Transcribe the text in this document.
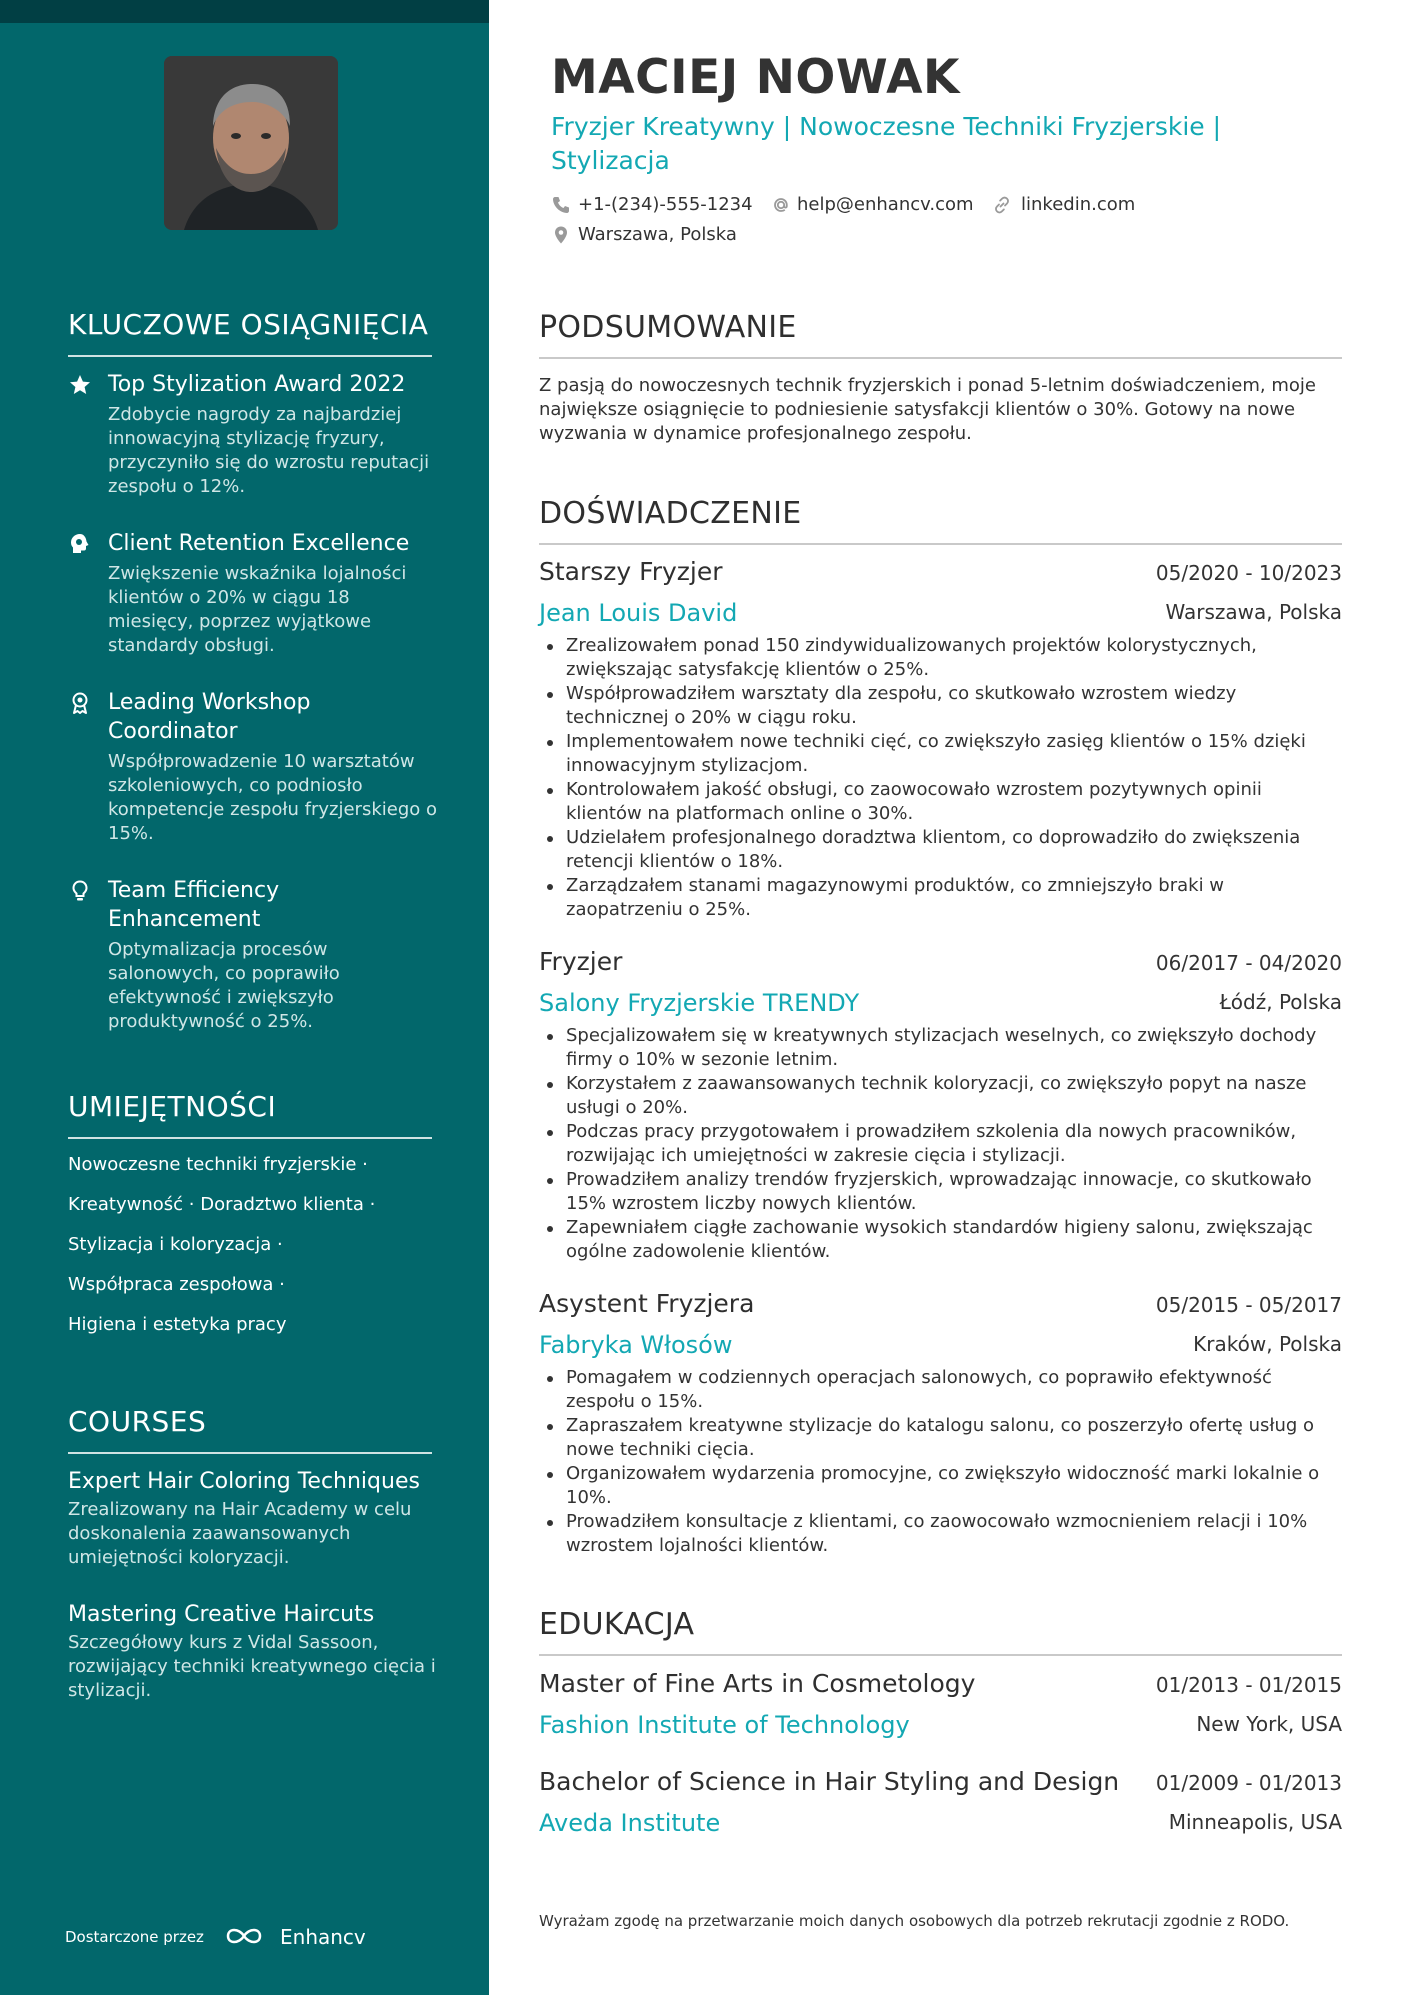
KLUCZOWE OSIĄGNIĘCIA
Top Stylization Award 2022
Zdobycie nagrody za najbardziej innowacyjną stylizację fryzury, przyczyniło się do wzrostu reputacji zespołu o 12%.
Client Retention Excellence
Zwiększenie wskaźnika lojalności klientów o 20% w ciągu 18 miesięcy, poprzez wyjątkowe standardy obsługi.
Leading Workshop Coordinator
Współprowadzenie 10 warsztatów szkoleniowych, co podniosło kompetencje zespołu fryzjerskiego o 15%.
Team Efficiency Enhancement
Optymalizacja procesów salonowych, co poprawiło efektywność i zwiększyło produktywność o 25%.
UMIEJĘTNOŚCI
Nowoczesne techniki fryzjerskie ·
Kreatywność · Doradztwo klienta ·
Stylizacja i koloryzacja ·
Współpraca zespołowa ·
Higiena i estetyka pracy
COURSES
Expert Hair Coloring Techniques
Zrealizowany na Hair Academy w celu doskonalenia zaawansowanych umiejętności koloryzacji.
Mastering Creative Haircuts
Szczegółowy kurs z Vidal Sassoon, rozwijający techniki kreatywnego cięcia i stylizacji.
Dostarczone przez	Enhancv
MACIEJ NOWAK
Fryzjer Kreatywny | Nowoczesne Techniki Fryzjerskie | Stylizacja
+1-(234)-555-1234 help@enhancv.com	linkedin.com
Warszawa, Polska
PODSUMOWANIE
Z pasją do nowoczesnych technik fryzjerskich i ponad 5-letnim doświadczeniem, moje największe osiągnięcie to podniesienie satysfakcji klientów o 30%. Gotowy na nowe wyzwania w dynamice profesjonalnego zespołu.
DOŚWIADCZENIE
Starszy Fryzjer	05/2020 - 10/2023
Jean Louis David	Warszawa, Polska
Zrealizowałem ponad 150 zindywidualizowanych projektów kolorystycznych, zwiększając satysfakcję klientów o 25%.
Współprowadziłem warsztaty dla zespołu, co skutkowało wzrostem wiedzy technicznej o 20% w ciągu roku.
Implementowałem nowe techniki cięć, co zwiększyło zasięg klientów o 15% dzięki innowacyjnym stylizacjom.
Kontrolowałem jakość obsługi, co zaowocowało wzrostem pozytywnych opinii klientów na platformach online o 30%.
Udzielałem profesjonalnego doradztwa klientom, co doprowadziło do zwiększenia retencji klientów o 18%.
Zarządzałem stanami magazynowymi produktów, co zmniejszyło braki w zaopatrzeniu o 25%.
Fryzjer	06/2017 - 04/2020
Salony Fryzjerskie TRENDY	Łódź, Polska
Specjalizowałem się w kreatywnych stylizacjach weselnych, co zwiększyło dochody firmy o 10% w sezonie letnim.
Korzystałem z zaawansowanych technik koloryzacji, co zwiększyło popyt na nasze usługi o 20%.
Podczas pracy przygotowałem i prowadziłem szkolenia dla nowych pracowników, rozwijając ich umiejętności w zakresie cięcia i stylizacji.
Prowadziłem analizy trendów fryzjerskich, wprowadzając innowacje, co skutkowało 15% wzrostem liczby nowych klientów.
Zapewniałem ciągłe zachowanie wysokich standardów higieny salonu, zwiększając ogólne zadowolenie klientów.
Asystent Fryzjera	05/2015 - 05/2017
Fabryka Włosów	Kraków, Polska
Pomagałem w codziennych operacjach salonowych, co poprawiło efektywność zespołu o 15%.
Zapraszałem kreatywne stylizacje do katalogu salonu, co poszerzyło ofertę usług o nowe techniki cięcia.
Organizowałem wydarzenia promocyjne, co zwiększyło widoczność marki lokalnie o 10%.
Prowadziłem konsultacje z klientami, co zaowocowało wzmocnieniem relacji i 10% wzrostem lojalności klientów.
EDUKACJA
Master of Fine Arts in Cosmetology	01/2013 - 01/2015
Fashion Institute of Technology	New York, USA
Bachelor of Science in Hair Styling and Design 01/2009 - 01/2013
Aveda Institute	Minneapolis, USA
Wyrażam zgodę na przetwarzanie moich danych osobowych dla potrzeb rekrutacji zgodnie z RODO.
